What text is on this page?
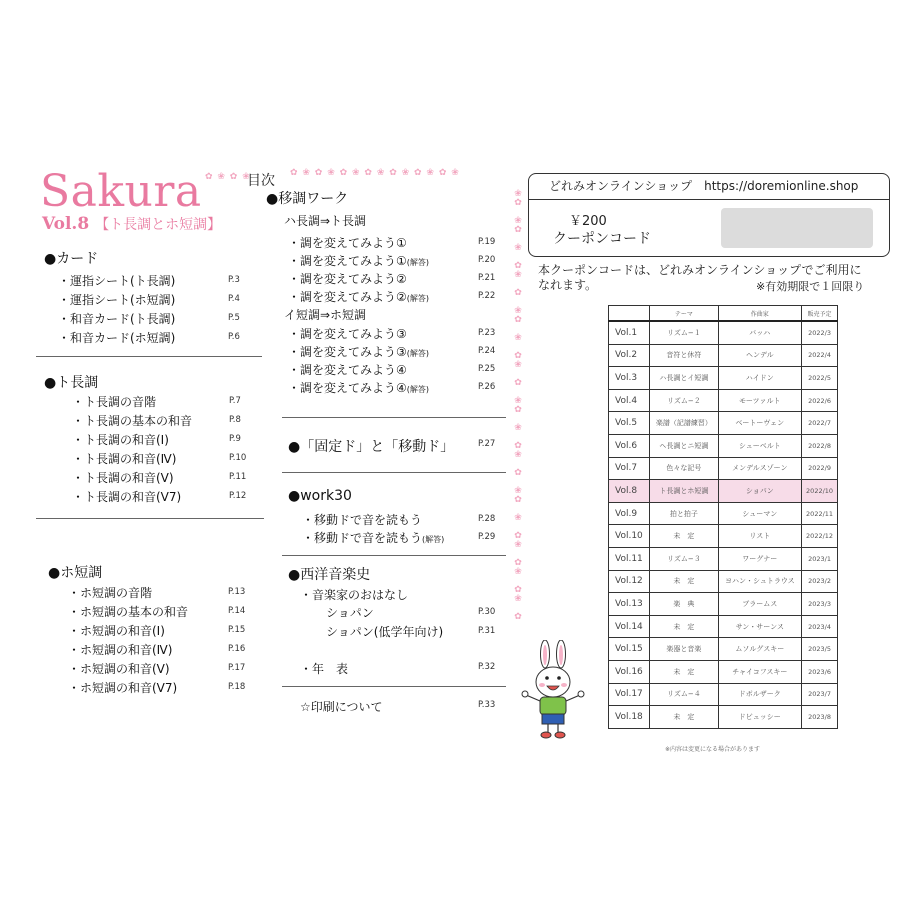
Sakura
Vol.8 【ト長調とホ短調】
✿ ❀ ✿ ❀	✿ ❀ ✿ ❀ ✿ ❀ ✿ ❀ ✿ ❀ ✿ ❀ ✿ ❀
❀
✿

❀
✿

❀

✿
❀

✿

❀
✿

❀

✿
❀

✿

❀
✿

❀

✿
❀

✿

❀
✿

❀

✿
❀

✿
❀

✿
❀

✿
目次
●カード
・運指シート(ト長調)	P.3
・運指シート(ホ短調)	P.4
・和音カード(ト長調)	P.5
・和音カード(ホ短調)	P.6
●ト長調
・ト長調の音階	P.7
・ト長調の基本の和音	P.8
・ト長調の和音(Ⅰ)	P.9
・ト長調の和音(Ⅳ)	P.10
・ト長調の和音(Ⅴ)	P.11
・ト長調の和音(Ⅴ7)	P.12
●ホ短調
・ホ短調の音階	P.13
・ホ短調の基本の和音	P.14
・ホ短調の和音(Ⅰ)	P.15
・ホ短調の和音(Ⅳ)	P.16
・ホ短調の和音(Ⅴ)	P.17
・ホ短調の和音(Ⅴ7)	P.18
●移調ワーク
ハ長調⇒ト長調
・調を変えてみよう①	P.19
・調を変えてみよう①(解答)	P.20
・調を変えてみよう②	P.21
・調を変えてみよう②(解答)	P.22
イ短調⇒ホ短調
・調を変えてみよう③	P.23
・調を変えてみよう③(解答)	P.24
・調を変えてみよう④	P.25
・調を変えてみよう④(解答)	P.26
●「固定ド」と「移動ド」	P.27
●work30
・移動ドで音を読もう	P.28
・移動ドで音を読もう(解答)	P.29
●西洋音楽史
・音楽家のおはなし
ショパン	P.30
ショパン(低学年向け)	P.31
・年　表	P.32
☆印刷について	P.33
どれみオンラインショップ　https://doremionline.shop
￥200
クーポンコード
本クーポンコードは、どれみオンラインショップでご利用に
なれます。	※有効期限で１回限り
	テーマ	作曲家	販売予定
Vol.1	リズム−１	バッハ	2022/3
Vol.2	音符と休符	ヘンデル	2022/4
Vol.3	ハ長調とイ短調	ハイドン	2022/5
Vol.4	リズム−２	モーツァルト	2022/6
Vol.5	楽譜（記譜練習）	ベートーヴェン	2022/7
Vol.6	ヘ長調とニ短調	シューベルト	2022/8
Vol.7	色々な記号	メンデルスゾーン	2022/9
Vol.8	ト長調とホ短調	ショパン	2022/10
Vol.9	拍と拍子	シューマン	2022/11
Vol.10	未　定	リスト	2022/12
Vol.11	リズム−３	ワーグナー	2023/1
Vol.12	未　定	ヨハン・シュトラウス	2023/2
Vol.13	楽　典	ブラームス	2023/3
Vol.14	未　定	サン・サーンス	2023/4
Vol.15	楽器と音楽	ムソルグスキー	2023/5
Vol.16	未　定	チャイコフスキー	2023/6
Vol.17	リズム−４	ドボルザーク	2023/7
Vol.18	未　定	ドビュッシー	2023/8
※内容は変更になる場合があります
